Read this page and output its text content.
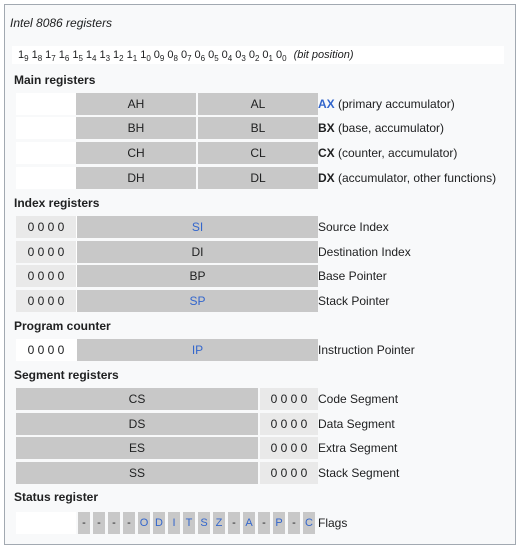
Intel 8086 registers
$1_9$ $1_8$ $1_7$ $1_6$ $1_5$ $1_4$ $1_3$ $1_2$ $1_1$ $1_0$ $0_9$ $0_8$ $0_7$ $0_6$ $0_5$ $0_4$ $0_3$ $0_2$ $0_1$ $0_0$ (bit position)
Main registers
AH	AL	AX (primary accumulator)
BH	BL	BX (base, accumulator)
CH	CL	CX (counter, accumulator)
DH	DL	DX (accumulator, other functions)
Index registers
0 0 0 0	SI	Source Index
0 0 0 0	DI	Destination Index
0 0 0 0	BP	Base Pointer
0 0 0 0	SP	Stack Pointer
Program counter
0 0 0 0	IP	Instruction Pointer
Segment registers
CS	0 0 0 0 Code Segment
DS	0 0 0 0 Data Segment
ES	0 0 0 0 Extra Segment
SS	0 0 0 0 Stack Segment
Status register
- - - - O D I T S Z - A - P - C Flags
